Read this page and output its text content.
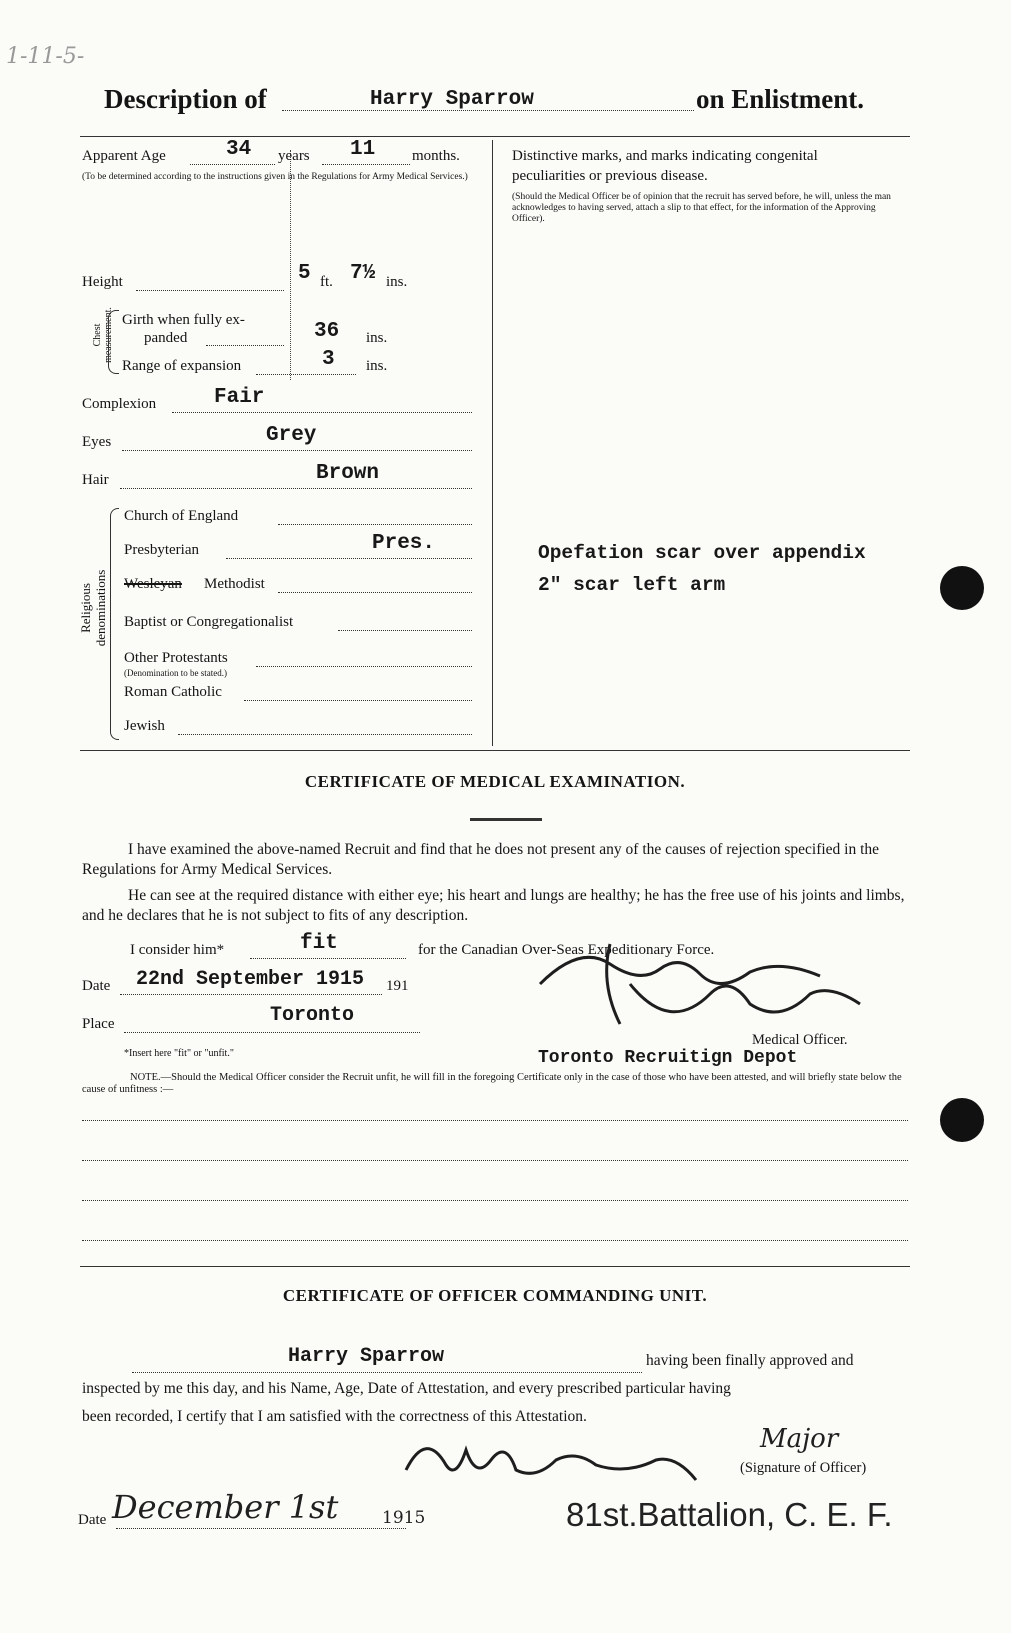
1-11-5-
Description of	Harry Sparrow	on Enlistment.
Apparent Age	34 years 11 months.
(To be determined according to the instructions given in the Regulations for Army Medical Services.)
Height	5 ft. 7½ ins.
Chest measurement. Girth when fully ex-
panded	36 ins.
Range of expansion	3 ins.
Complexion	Fair
Eyes	Grey
Hair	Brown
Religious denominations
Church of England
Presbyterian	Pres.
Wesleyan Methodist
Baptist or Congregationalist
Other Protestants
(Denomination to be stated.)
Roman Catholic
Jewish
Distinctive marks, and marks indicating congenital
peculiarities or previous disease.
(Should the Medical Officer be of opinion that the recruit has served before, he will, unless the man acknowledges to having served, attach a slip to that effect, for the information of the Approving Officer).
Opefation scar over appendix
2" scar left arm
CERTIFICATE OF MEDICAL EXAMINATION.
I have examined the above-named Recruit and find that he does not present any of the causes of rejection specified in the Regulations for Army Medical Services.
He can see at the required distance with either eye; his heart and lungs are healthy; he has the free use of his joints and limbs, and he declares that he is not subject to fits of any description.
I consider him*	fit	for the Canadian Over-Seas Expeditionary Force.
Date 22nd September 1915 191
Place	Toronto
*Insert here "fit" or "unfit."
Medical Officer.
Toronto Recruitign Depot
NOTE.—Should the Medical Officer consider the Recruit unfit, he will fill in the foregoing Certificate only in the case of those who have been attested, and will briefly state below the cause of unfitness :—
CERTIFICATE OF OFFICER COMMANDING UNIT.
Harry Sparrow	having been finally approved and
inspected by me this day, and his Name, Age, Date of Attestation, and every prescribed particular having
been recorded, I certify that I am satisfied with the correctness of this Attestation.
Major
(Signature of Officer)
Date December 1st	1915	81st.Battalion, C. E. F.
